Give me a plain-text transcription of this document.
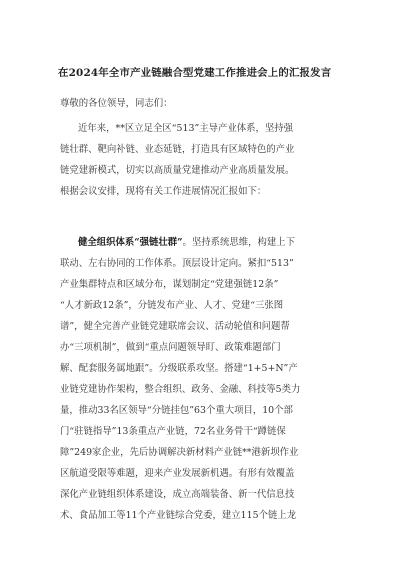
在2024年全市产业链融合型党建工作推进会上的汇报发言
尊敬的各位领导，同志们：
近年来，**区立足全区“513”主导产业体系，坚持强
链壮群、靶向补链、业态延链，打造具有区域特色的产业
链党建新模式，切实以高质量党建推动产业高质量发展。
根据会议安排，现将有关工作进展情况汇报如下：
健全组织体系“强链壮群”。坚持系统思维，构建上下
联动、左右协同的工作体系。顶层设计定向。紧扣“513”
产业集群特点和区域分布，谋划制定“党建强链12条”
“人才新政12条”，分链发布产业、人才、党建“三张图
谱”，健全完善产业链党建联席会议、活动轮值和问题帮
办“三项机制”，做到“重点问题领导盯、政策难题部门
解、配套服务属地跟”。分级联系攻坚。搭建“1+5+N”产
业链党建协作架构，整合组织、政务、金融、科技等5类力
量，推动33名区领导“分链挂包”63个重大项目，10个部
门“驻链指导”13条重点产业链，72名业务骨干“蹲链保
障”249家企业，先后协调解决新材料产业链**港新坝作业
区航道受限等难题，迎来产业发展新机遇。有形有效覆盖
深化产业链组织体系建设，成立高端装备、新一代信息技
术、食品加工等11个产业链综合党委，建立115个链上龙
